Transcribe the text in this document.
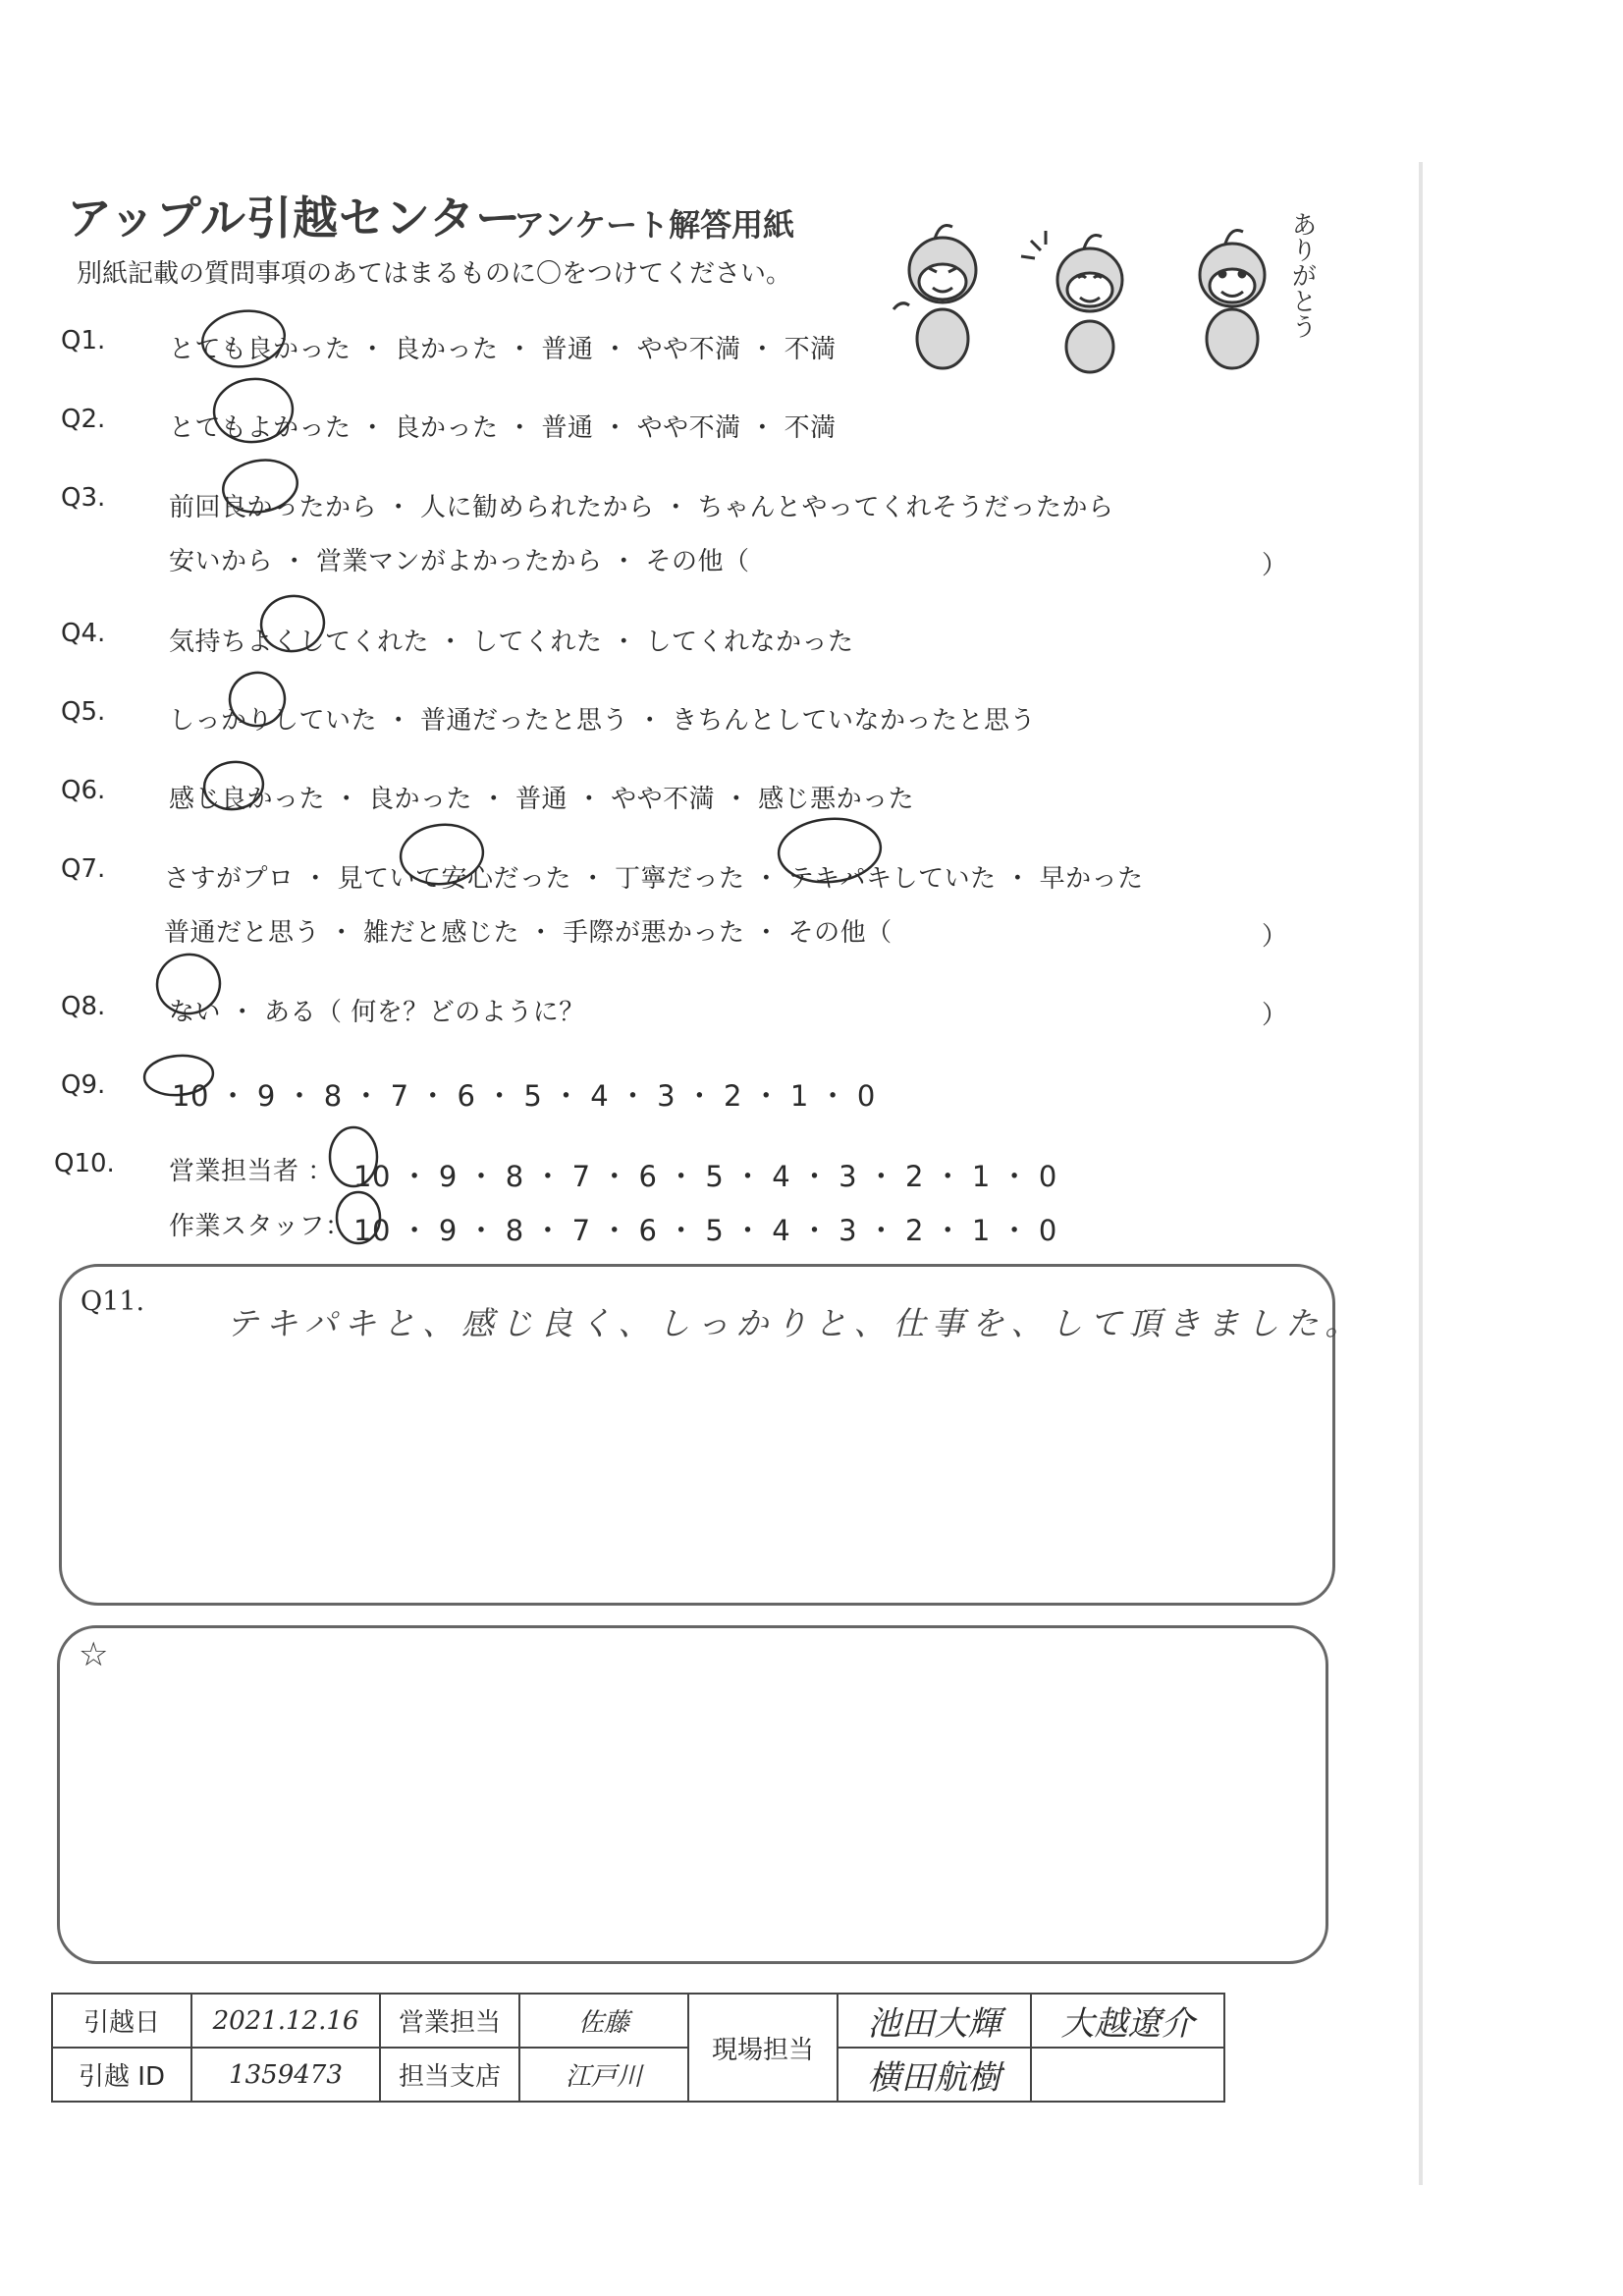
アップル引越センター
アンケート解答用紙
別紙記載の質問事項のあてはまるものに〇をつけてください。	ありがとう
Q1. とても良かった ・ 良かった ・ 普通 ・ やや不満 ・ 不満
Q2. とてもよかった ・ 良かった ・ 普通 ・ やや不満 ・ 不満
Q3. 前回良かったから ・ 人に勧められたから ・ ちゃんとやってくれそうだったから
安いから ・ 営業マンがよかったから ・ その他（	）
Q4. 気持ちよくしてくれた ・ してくれた ・ してくれなかった
Q5. しっかりしていた ・ 普通だったと思う ・ きちんとしていなかったと思う
Q6. 感じ良かった ・ 良かった ・ 普通 ・ やや不満 ・ 感じ悪かった
Q7. さすがプロ ・ 見ていて安心だった ・ 丁寧だった ・ テキパキしていた ・ 早かった
普通だと思う ・ 雑だと感じた ・ 手際が悪かった ・ その他（	）
Q8. ない ・ ある（ 何を？どのように？	）
Q9. 10 ・ 9 ・ 8 ・ 7 ・ 6 ・ 5 ・ 4 ・ 3 ・ 2 ・ 1 ・ 0
Q10. 営業担当者 ： 10 ・ 9 ・ 8 ・ 7 ・ 6 ・ 5 ・ 4 ・ 3 ・ 2 ・ 1 ・ 0
作業スタッフ： 10 ・ 9 ・ 8 ・ 7 ・ 6 ・ 5 ・ 4 ・ 3 ・ 2 ・ 1 ・ 0
Q11.
テキパキと、感じ良く、しっかりと、仕事を、して頂きました。
☆
引越日	2021.12.16	営業担当	佐藤	現場担当	池田大輝	大越遼介
引越 ID	1359473	担当支店	江戸川		横田航樹	
